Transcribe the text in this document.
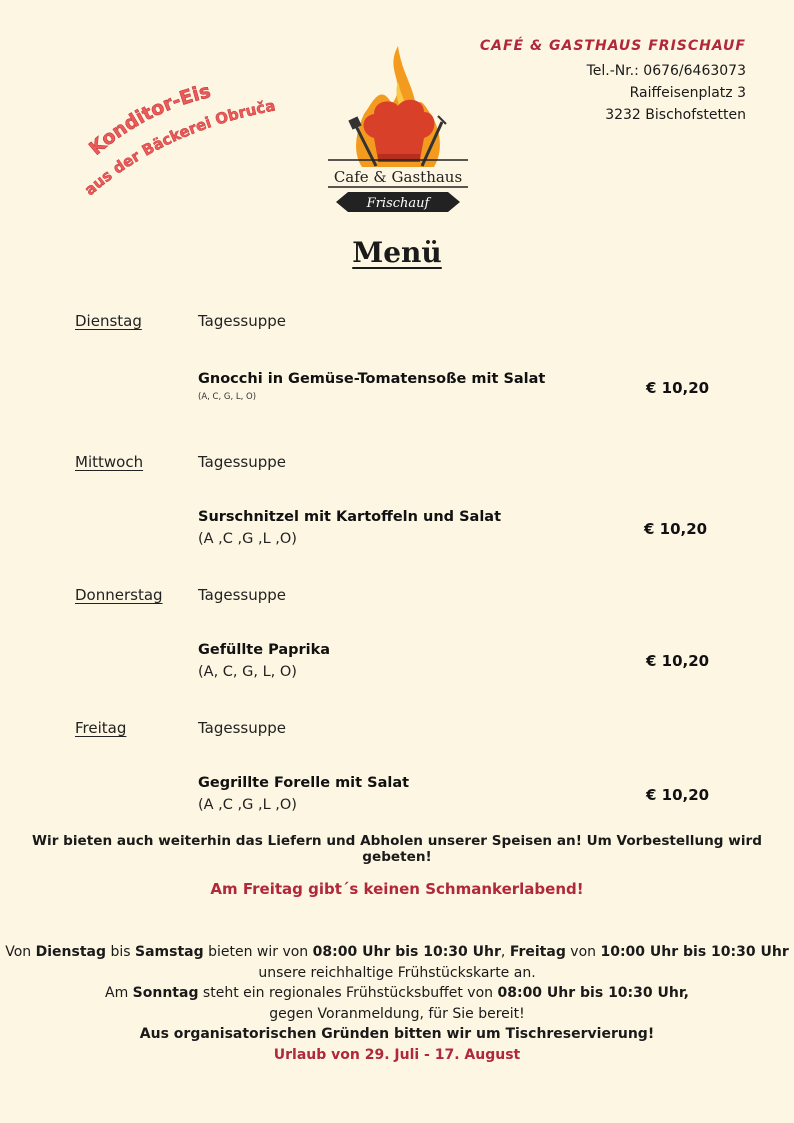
CAFÉ & GASTHAUS FRISCHAUF
Tel.-Nr.: 0676/6463073
Raiffeisenplatz 3
3232 Bischofstetten
Konditor-Eis
aus der Bäckerei Obruča
Cafe & Gasthaus
Frischauf
Menü
Dienstag	Tagessuppe
Gnocchi in Gemüse-Tomatensoße mit Salat
(A, C, G, L, O)	€ 10,20
Mittwoch	Tagessuppe
Surschnitzel mit Kartoffeln und Salat
(A ,C ,G ,L ,O)
€ 10,20
Donnerstag Tagessuppe
Gefüllte Paprika
(A, C, G, L, O)
€ 10,20
Freitag	Tagessuppe
Gegrillte Forelle mit Salat
(A ,C ,G ,L ,O)
€ 10,20
Wir bieten auch weiterhin das Liefern und Abholen unserer Speisen an! Um Vorbestellung wird gebeten!
Am Freitag gibt´s keinen Schmankerlabend!
Von Dienstag bis Samstag bieten wir von 08:00 Uhr bis 10:30 Uhr, Freitag von 10:00 Uhr bis 10:30 Uhr
unsere reichhaltige Frühstückskarte an.
Am Sonntag steht ein regionales Frühstücksbuffet von 08:00 Uhr bis 10:30 Uhr,
gegen Voranmeldung, für Sie bereit!
Aus organisatorischen Gründen bitten wir um Tischreservierung!
Urlaub von 29. Juli - 17. August
